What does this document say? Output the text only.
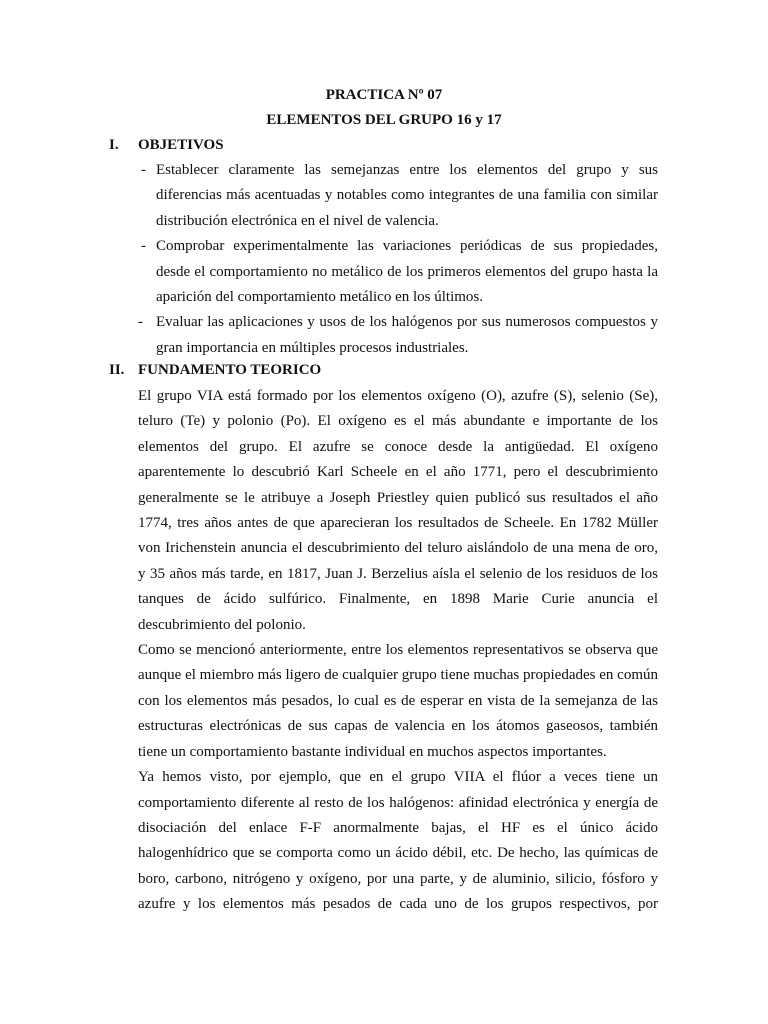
PRACTICA Nº 07
ELEMENTOS DEL GRUPO 16 y 17
I. OBJETIVOS
- Establecer claramente las semejanzas entre los elementos del grupo y sus diferencias más acentuadas y notables como integrantes de una familia con similar distribución electrónica en el nivel de valencia.
- Comprobar experimentalmente las variaciones periódicas de sus propiedades, desde el comportamiento no metálico de los primeros elementos del grupo hasta la aparición del comportamiento metálico en los últimos.
- Evaluar las aplicaciones y usos de los halógenos por sus numerosos compuestos y gran importancia en múltiples procesos industriales.
II. FUNDAMENTO TEORICO

El grupo VIA está formado por los elementos oxígeno (O), azufre (S), selenio (Se), teluro (Te) y polonio (Po). El oxígeno es el más abundante e importante de los elementos del grupo. El azufre se conoce desde la antigüedad. El oxígeno aparentemente lo descubrió Karl Scheele en el año 1771, pero el descubrimiento generalmente se le atribuye a Joseph Priestley quien publicó sus resultados el año 1774, tres años antes de que aparecieran los resultados de Scheele. En 1782 Müller von Irichenstein anuncia el descubrimiento del teluro aislándolo de una mena de oro, y 35 años más tarde, en 1817, Juan J. Berzelius aísla el selenio de los residuos de los tanques de ácido sulfúrico. Finalmente, en 1898 Marie Curie anuncia el descubrimiento del polonio.

Como se mencionó anteriormente, entre los elementos representativos se observa que aunque el miembro más ligero de cualquier grupo tiene muchas propiedades en común con los elementos más pesados, lo cual es de esperar en vista de la semejanza de las estructuras electrónicas de sus capas de valencia en los átomos gaseosos, también tiene un comportamiento bastante individual en muchos aspectos importantes.

Ya hemos visto, por ejemplo, que en el grupo VIIA el flúor a veces tiene un comportamiento diferente al resto de los halógenos: afinidad electrónica y energía de disociación del enlace F-F anormalmente bajas, el HF es el único ácido halogenhídrico que se comporta como un ácido débil, etc. De hecho, las químicas de boro, carbono, nitrógeno y oxígeno, por una parte, y de aluminio, silicio, fósforo y azufre y los elementos más pesados de cada uno de los grupos respectivos, por
